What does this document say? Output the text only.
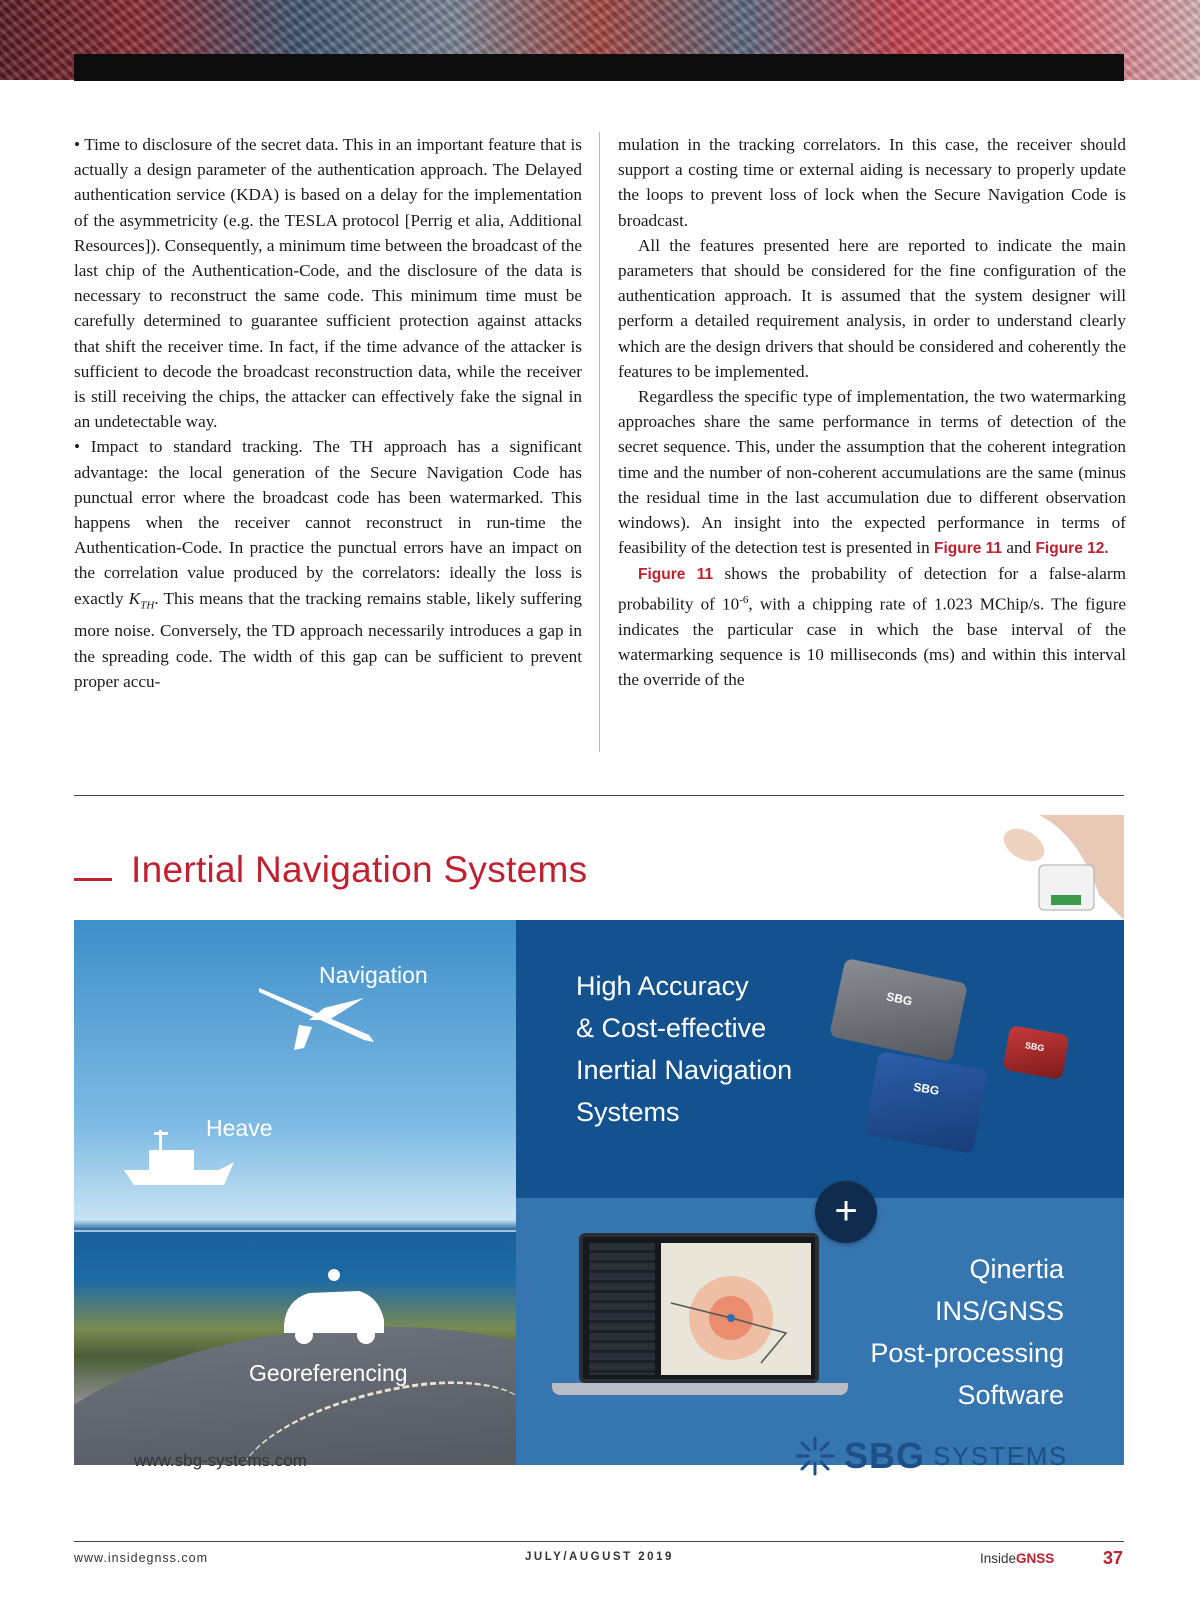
• Time to disclosure of the secret data. This in an important feature that is actually a design parameter of the authentication approach. The Delayed authentication service (KDA) is based on a delay for the implementation of the asymmetricity (e.g. the TESLA protocol [Perrig et alia, Additional Resources]). Consequently, a minimum time between the broadcast of the last chip of the Authentication-Code, and the disclosure of the data is necessary to reconstruct the same code. This minimum time must be carefully determined to guarantee sufficient protection against attacks that shift the receiver time. In fact, if the time advance of the attacker is sufficient to decode the broadcast reconstruction data, while the receiver is still receiving the chips, the attacker can effectively fake the signal in an undetectable way.

• Impact to standard tracking. The TH approach has a significant advantage: the local generation of the Secure Navigation Code has punctual error where the broadcast code has been watermarked. This happens when the receiver cannot reconstruct in run-time the Authentication-Code. In practice the punctual errors have an impact on the correlation value produced by the correlators: ideally the loss is exactly $K_{TH}$. This means that the tracking remains stable, likely suffering more noise. Conversely, the TD approach necessarily introduces a gap in the spreading code. The width of this gap can be sufficient to prevent proper accu-

mulation in the tracking correlators. In this case, the receiver should support a costing time or external aiding is necessary to properly update the loops to prevent loss of lock when the Secure Navigation Code is broadcast.

All the features presented here are reported to indicate the main parameters that should be considered for the fine configuration of the authentication approach. It is assumed that the system designer will perform a detailed requirement analysis, in order to understand clearly which are the design drivers that should be considered and coherently the features to be implemented.

Regardless the specific type of implementation, the two watermarking approaches share the same performance in terms of detection of the secret sequence. This, under the assumption that the coherent integration time and the number of non-coherent accumulations are the same (minus the residual time in the last accumulation due to different observation windows). An insight into the expected performance in terms of feasibility of the detection test is presented in Figure 11 and Figure 12.

Figure 11 shows the probability of detection for a false-alarm probability of $10^{-6}$, with a chipping rate of 1.023 MChip/s. The figure indicates the particular case in which the base interval of the watermarking sequence is 10 milliseconds (ms) and within this interval the override of the

Inertial Navigation Systems
Navigation
Heave
Georeferencing
High Accuracy
& Cost-effective
Inertial Navigation
Systems
SBG
SBG
SBG
Qinertia
INS/GNSS
Post-processing
Software
+
www.sbg-systems.com	SBG SYSTEMS
www.insidegnss.com	JULY/AUGUST 2019	InsideGNSS	37
